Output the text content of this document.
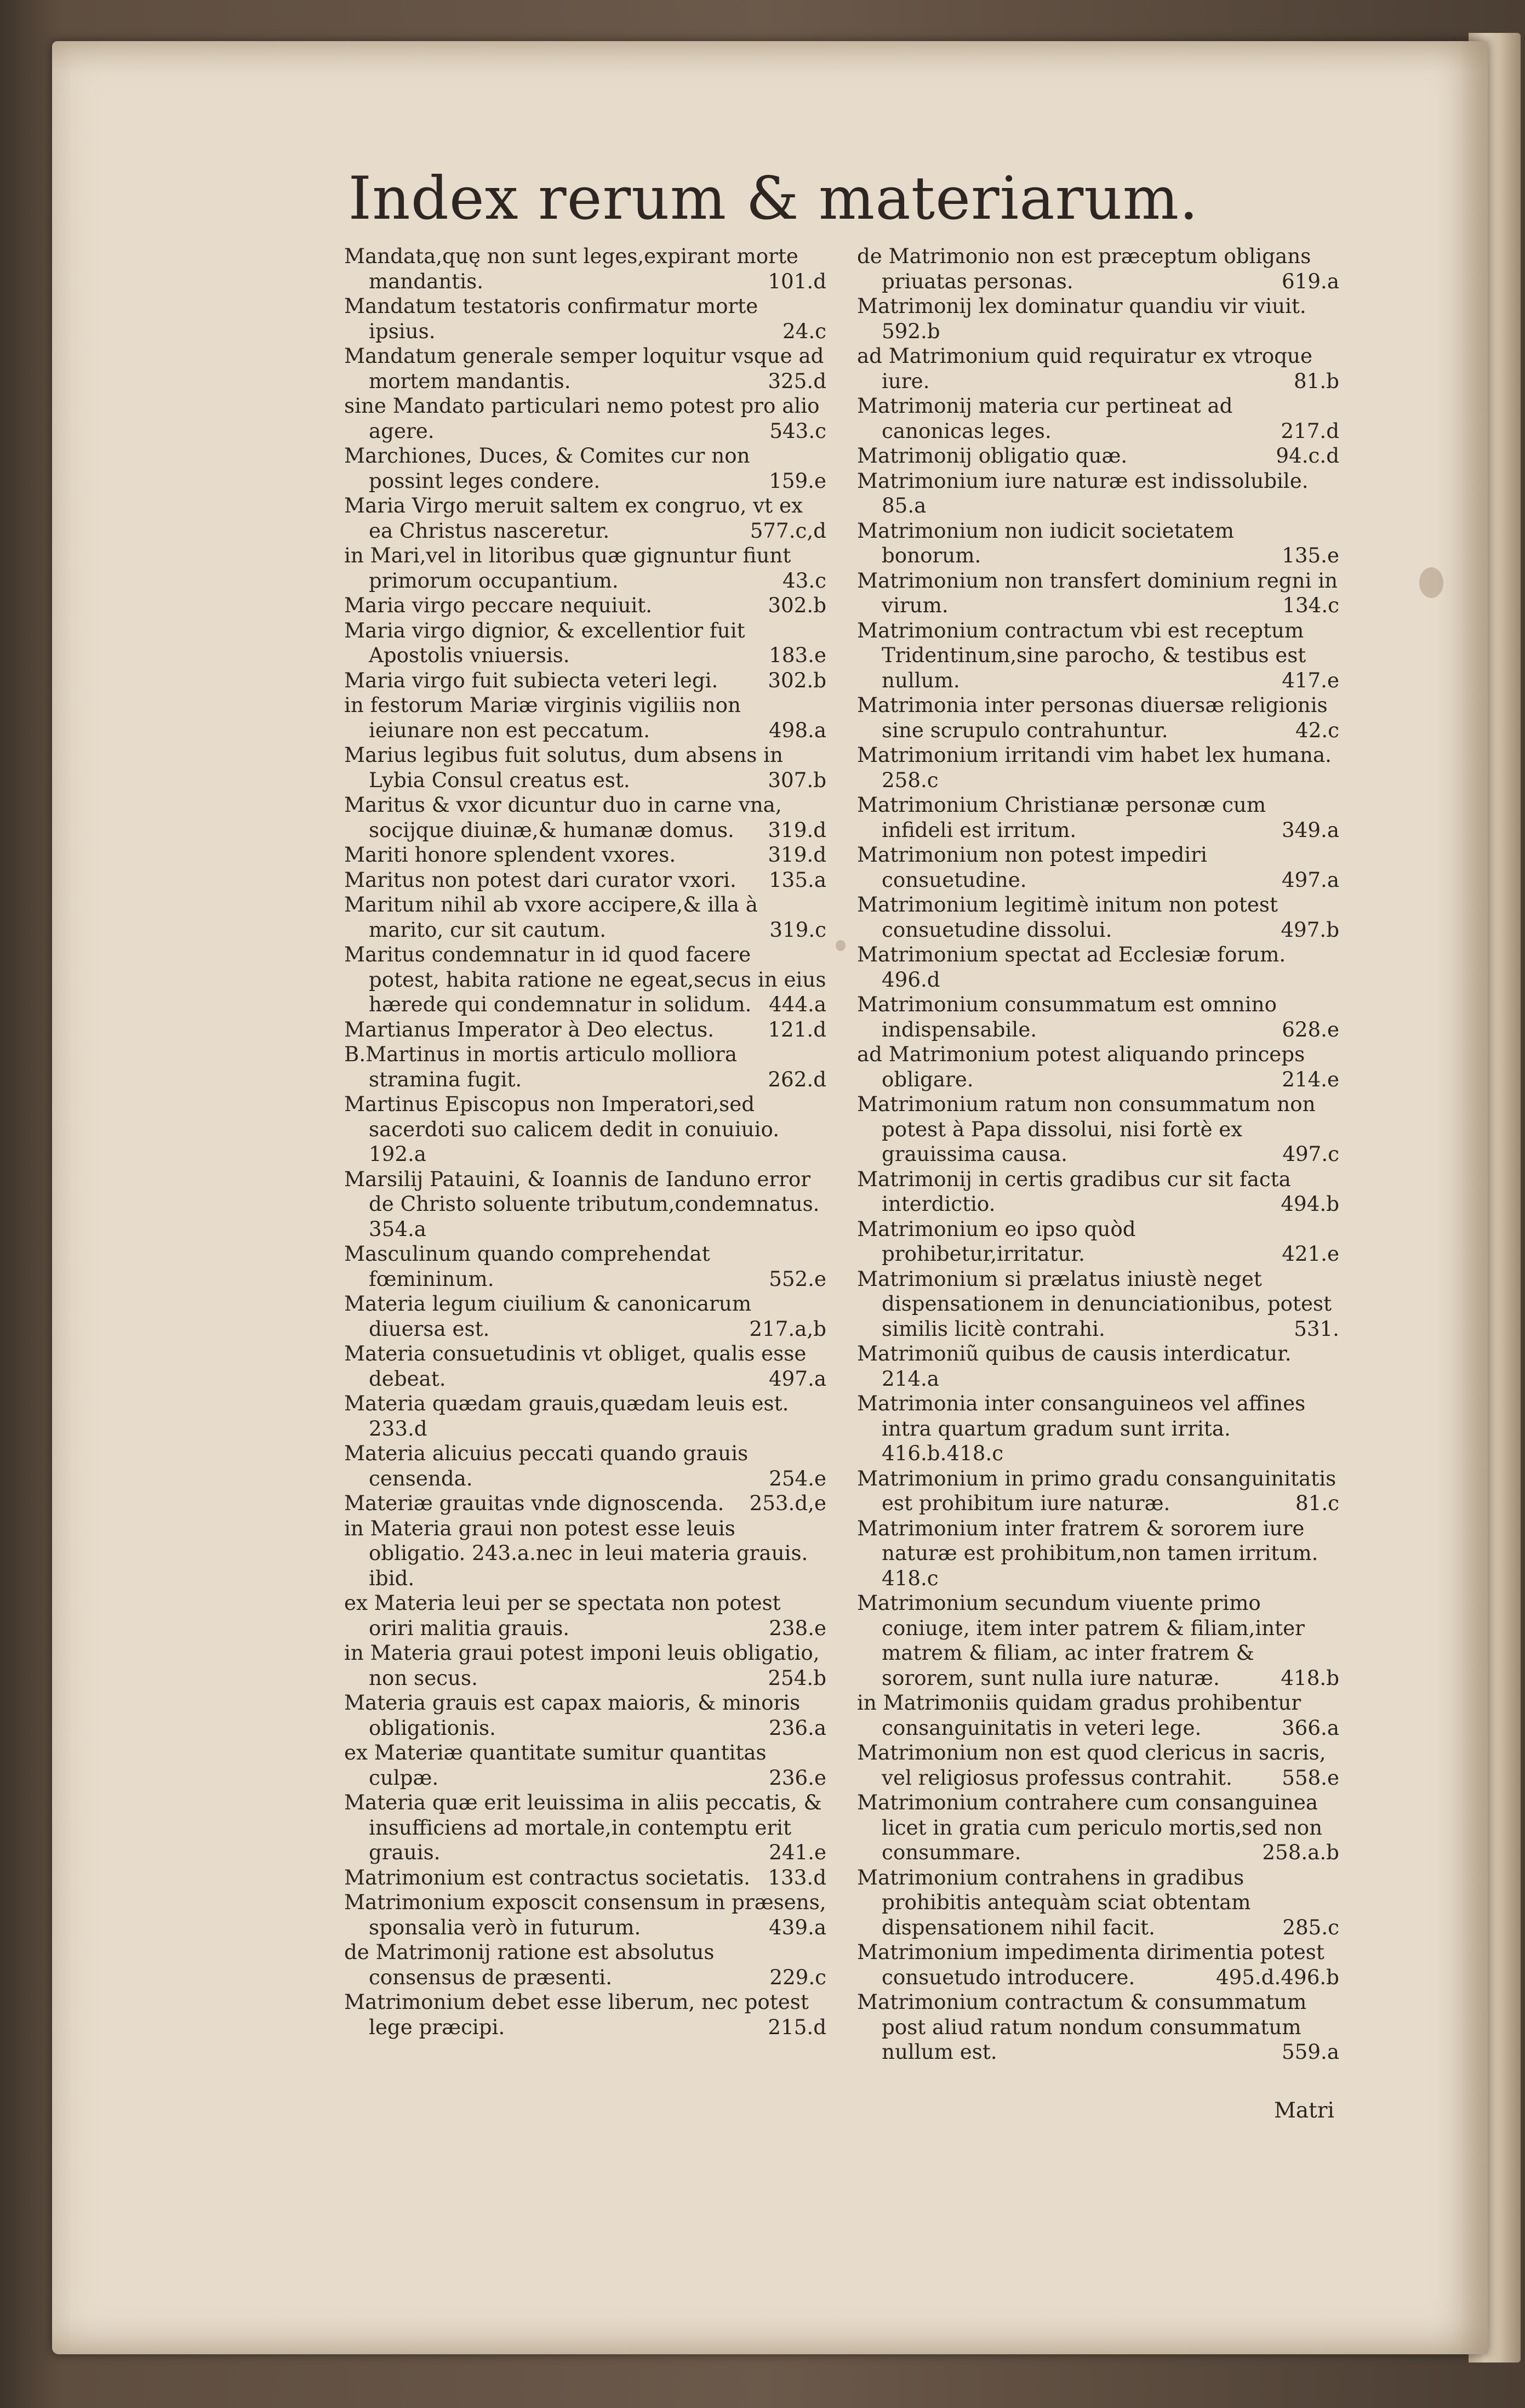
Index rerum & materiarum.

Mandata,quę non sunt leges,expirant morte mandantis.	101.d

Mandatum testatoris confirmatur morte ipsius.	24.c

Mandatum generale semper loquitur vsque ad mortem mandantis.	325.d

sine Mandato particulari nemo potest pro alio agere.	543.c

Marchiones, Duces, & Comites cur non possint leges condere.	159.e

Maria Virgo meruit saltem ex congruo, vt ex ea Christus nasceretur.	577.c,d

in Mari,vel in litoribus quæ gignuntur fiunt primorum occupantium.	43.c

Maria virgo peccare nequiuit.	302.b

Maria virgo dignior, & excellentior fuit Apostolis vniuersis.	183.e

Maria virgo fuit subiecta veteri legi. 302.b

in festorum Mariæ virginis vigiliis non ieiunare non est peccatum.	498.a

Marius legibus fuit solutus, dum absens in Lybia Consul creatus est.	307.b

Maritus & vxor dicuntur duo in carne vna, socijque diuinæ,& humanæ domus. 319.d

Mariti honore splendent vxores.	319.d

Maritus non potest dari curator vxori. 135.a

Maritum nihil ab vxore accipere,& illa à marito, cur sit cautum.	319.c

Maritus condemnatur in id quod facere potest, habita ratione ne egeat,secus in eius hærede qui condemnatur in solidum. 444.a

Martianus Imperator à Deo electus.	121.d

B.Martinus in mortis articulo molliora stramina fugit.	262.d

Martinus Episcopus non Imperatori,sed sacerdoti suo calicem dedit in conuiuio.
192.a

Marsilij Patauini, & Ioannis de Ianduno error de Christo soluente tributum,condemnatus.
354.a

Masculinum quando comprehendat fœmininum.	552.e

Materia legum ciuilium & canonicarum diuersa est.	217.a,b

Materia consuetudinis vt obliget, qualis esse debeat.	497.a

Materia quædam grauis,quædam leuis est.
233.d

Materia alicuius peccati quando grauis censenda.	254.e

Materiæ grauitas vnde dignoscenda. 253.d,e

in Materia graui non potest esse leuis obligatio. 243.a.nec in leui materia grauis.
ibid.

ex Materia leui per se spectata non potest oriri malitia grauis.	238.e

in Materia graui potest imponi leuis obligatio, non secus.	254.b

Materia grauis est capax maioris, & minoris obligationis.	236.a

ex Materiæ quantitate sumitur quantitas culpæ.	236.e

Materia quæ erit leuissima in aliis peccatis, & insufficiens ad mortale,in contemptu erit grauis.	241.e

Matrimonium est contractus societatis. 133.d

Matrimonium exposcit consensum in præsens, sponsalia verò in futurum.	439.a

de Matrimonij ratione est absolutus consensus de præsenti.	229.c

Matrimonium debet esse liberum, nec potest lege præcipi.	215.d

de Matrimonio non est præceptum obligans priuatas personas.	619.a

Matrimonij lex dominatur quandiu vir viuit.
592.b

ad Matrimonium quid requiratur ex vtroque iure.	81.b

Matrimonij materia cur pertineat ad canonicas leges.	217.d

Matrimonij obligatio quæ.	94.c.d

Matrimonium iure naturæ est indissolubile.
85.a

Matrimonium non iudicit societatem bonorum.	135.e

Matrimonium non transfert dominium regni in virum.	134.c

Matrimonium contractum vbi est receptum Tridentinum,sine parocho, & testibus est nullum.	417.e

Matrimonia inter personas diuersæ religionis sine scrupulo contrahuntur.	42.c

Matrimonium irritandi vim habet lex humana.
258.c

Matrimonium Christianæ personæ cum infideli est irritum.	349.a

Matrimonium non potest impediri consuetudine.	497.a

Matrimonium legitimè initum non potest consuetudine dissolui.	497.b

Matrimonium spectat ad Ecclesiæ forum.
496.d

Matrimonium consummatum est omnino indispensabile.	628.e

ad Matrimonium potest aliquando princeps obligare.	214.e

Matrimonium ratum non consummatum non potest à Papa dissolui, nisi fortè ex grauissima causa.	497.c

Matrimonij in certis gradibus cur sit facta interdictio.	494.b

Matrimonium eo ipso quòd prohibetur,irritatur.	421.e

Matrimonium si prælatus iniustè neget dispensationem in denunciationibus, potest similis licitè contrahi.	531.

Matrimoniũ quibus de causis interdicatur.
214.a

Matrimonia inter consanguineos vel affines intra quartum gradum sunt irrita.
416.b.418.c

Matrimonium in primo gradu consanguinitatis est prohibitum iure naturæ.	81.c

Matrimonium inter fratrem & sororem iure naturæ est prohibitum,non tamen irritum.
418.c

Matrimonium secundum viuente primo coniuge, item inter patrem & filiam,inter matrem & filiam, ac inter fratrem & sororem, sunt nulla iure naturæ.	418.b

in Matrimoniis quidam gradus prohibentur consanguinitatis in veteri lege.	366.a

Matrimonium non est quod clericus in sacris, vel religiosus professus contrahit. 558.e

Matrimonium contrahere cum consanguinea licet in gratia cum periculo mortis,sed non consummare.	258.a.b

Matrimonium contrahens in gradibus prohibitis antequàm sciat obtentam dispensationem nihil facit.	285.c

Matrimonium impedimenta dirimentia potest consuetudo introducere.	495.d.496.b

Matrimonium contractum & consummatum post aliud ratum nondum consummatum nullum est.	559.a

Matri
